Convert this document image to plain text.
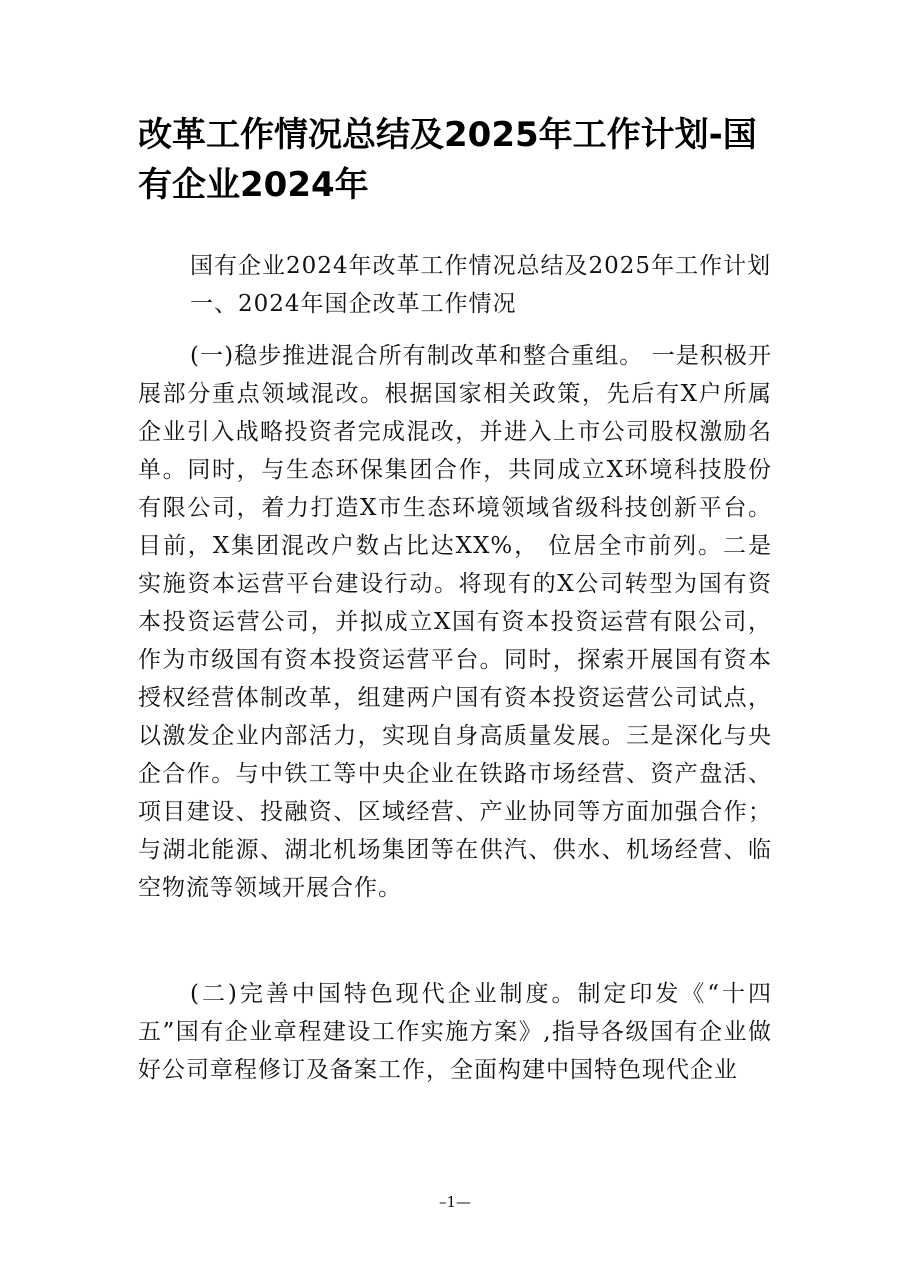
改革工作情况总结及2025年工作计划-国有企业2024年

国有企业2024年改革工作情况总结及2025年工作计划

一、2024年国企改革工作情况

(一)稳步推进混合所有制改革和整合重组。 一是积极开展部分重点领域混改。根据国家相关政策，先后有X户所属企业引入战略投资者完成混改，并进入上市公司股权激励名单。同时，与生态环保集团合作，共同成立X环境科技股份有限公司，着力打造X市生态环境领域省级科技创新平台。目前，X集团混改户数占比达XX%， 位居全市前列。二是实施资本运营平台建设行动。将现有的X公司转型为国有资本投资运营公司，并拟成立X国有资本投资运营有限公司，作为市级国有资本投资运营平台。同时，探索开展国有资本授权经营体制改革，组建两户国有资本投资运营公司试点，以激发企业内部活力，实现自身高质量发展。三是深化与央企合作。与中铁工等中央企业在铁路市场经营、资产盘活、项目建设、投融资、区域经营、产业协同等方面加强合作；与湖北能源、湖北机场集团等在供汽、供水、机场经营、临空物流等领域开展合作。

(二)完善中国特色现代企业制度。制定印发《“十四五”国有企业章程建设工作实施方案》,指导各级国有企业做好公司章程修订及备案工作，全面构建中国特色现代企业

–1—
